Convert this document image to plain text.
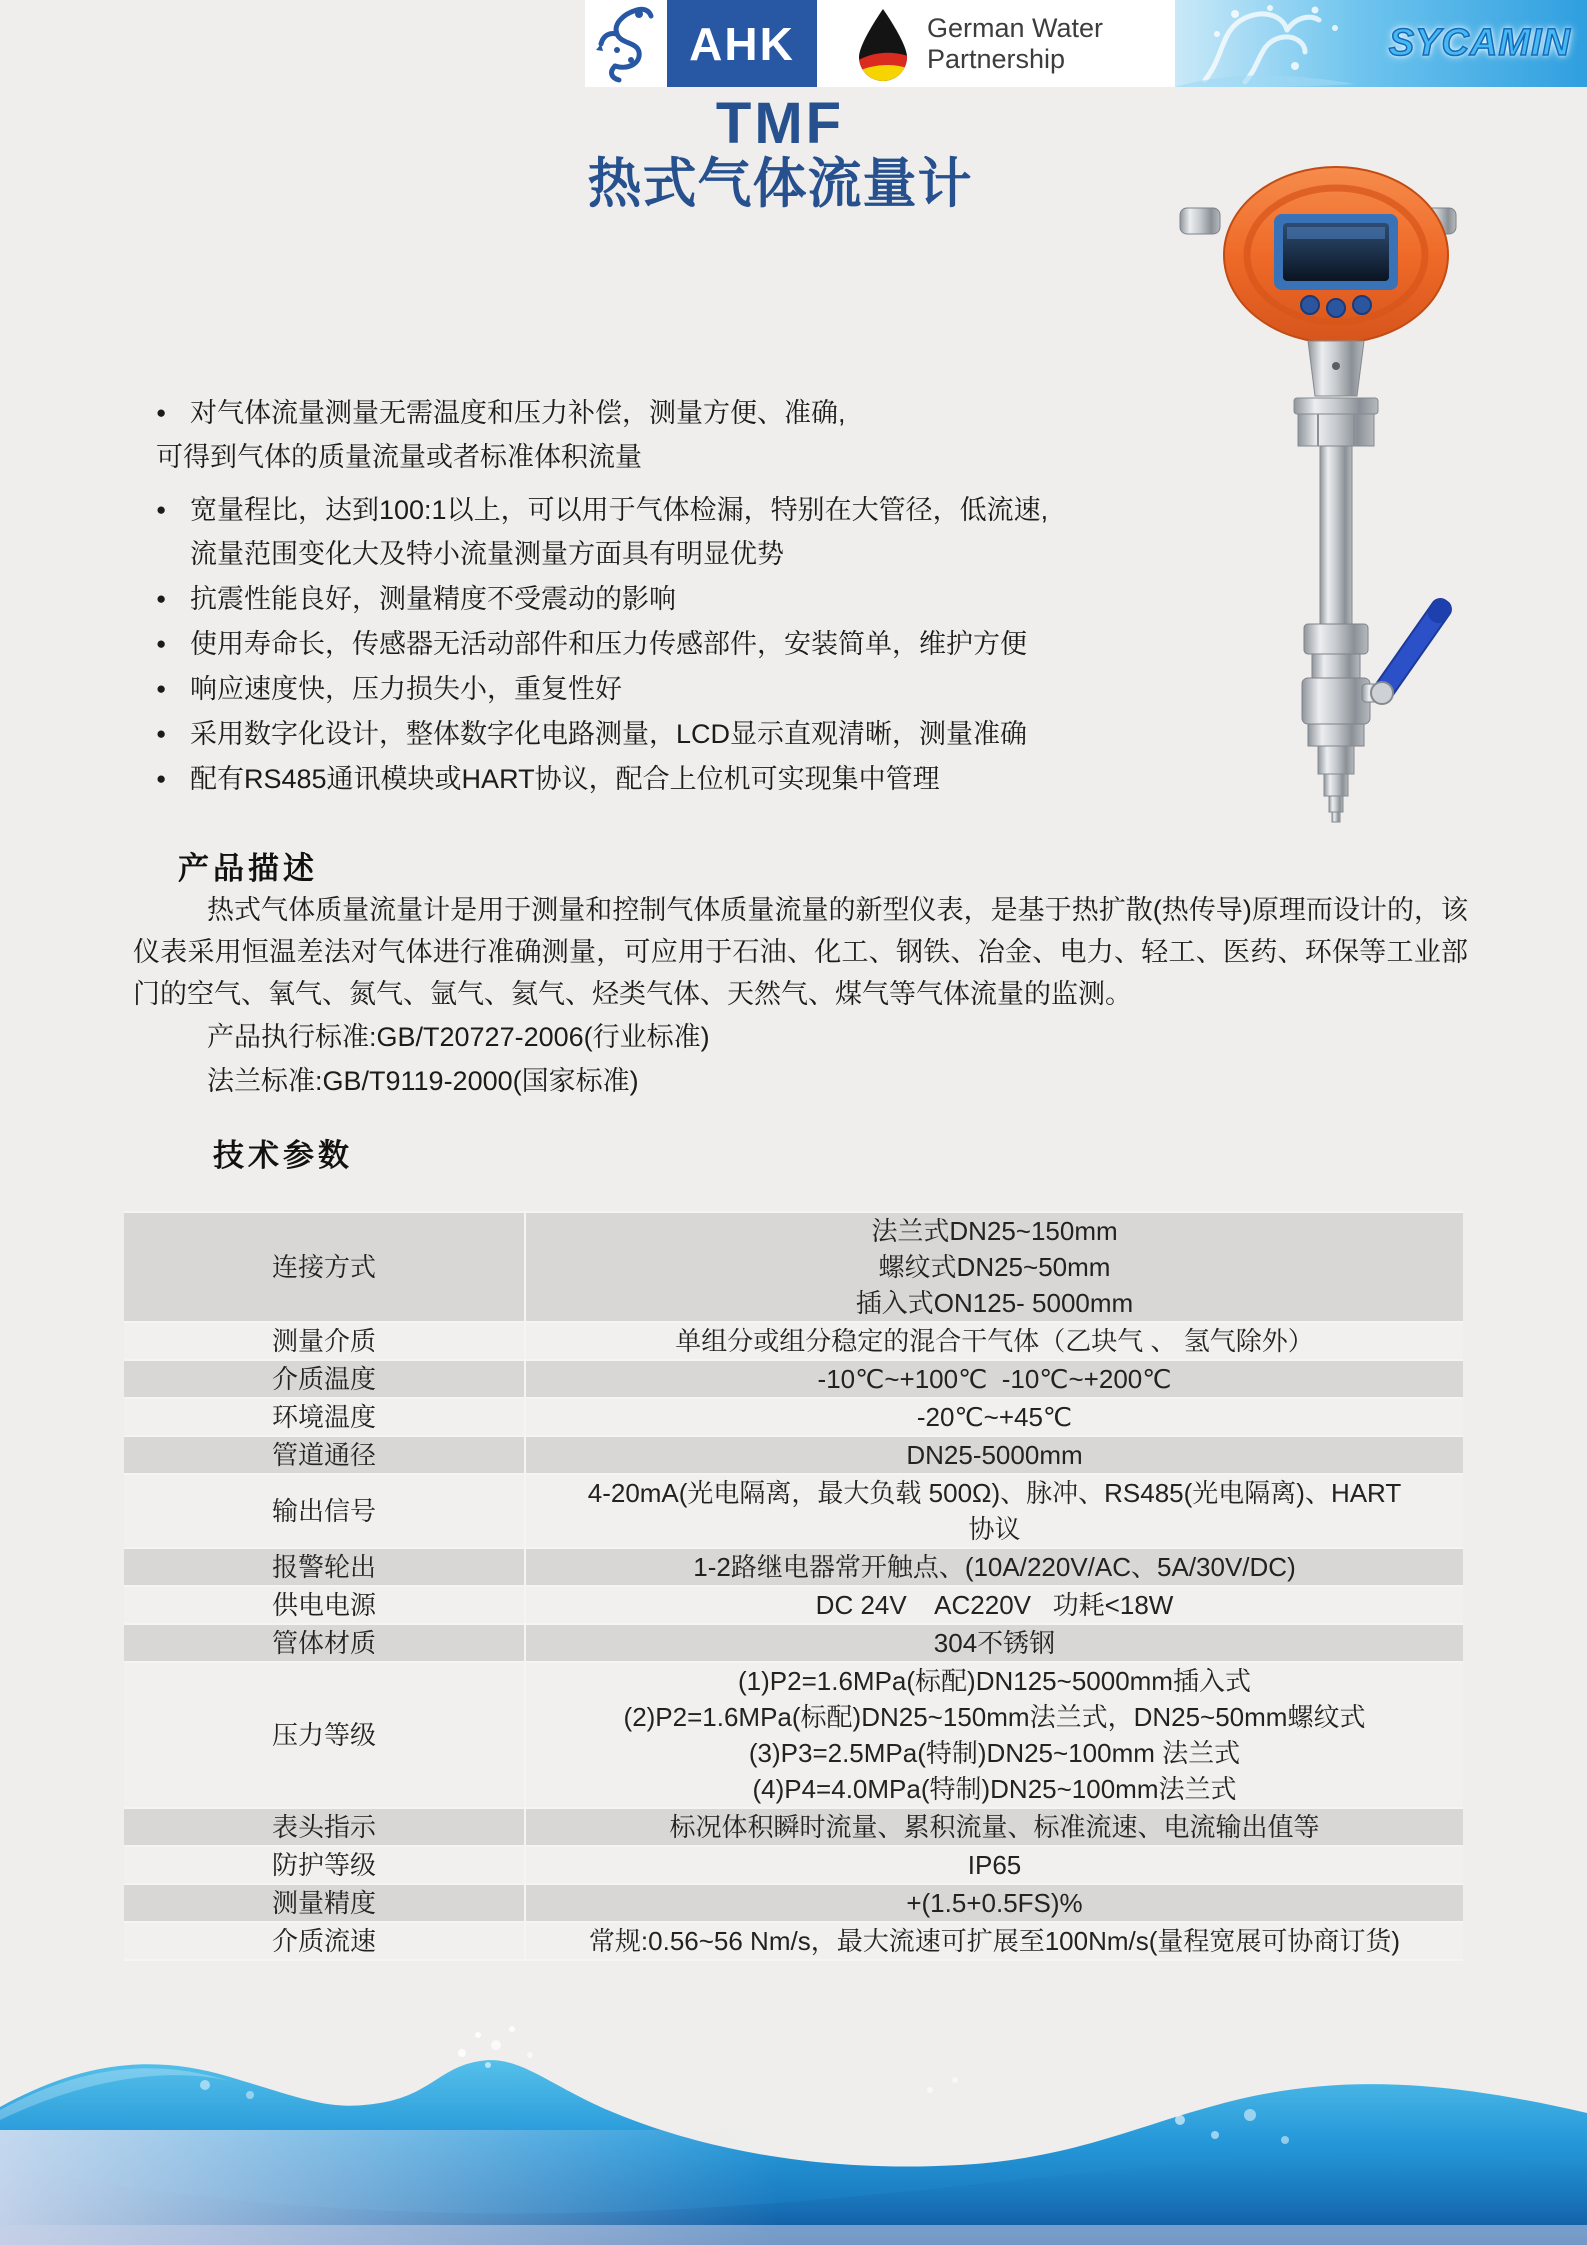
AHK	German Water
Partnership	SYCAMIN
TMF
热式气体流量计
● 对气体流量测量无需温度和压力补偿，测量方便、准确,
可得到气体的质量流量或者标准体积流量
● 宽量程比，达到100:1以上，可以用于气体检漏，特别在大管径，低流速,
流量范围变化大及特小流量测量方面具有明显优势
● 抗震性能良好，测量精度不受震动的影响
● 使用寿命长，传感器无活动部件和压力传感部件，安装简单，维护方便
● 响应速度快，压力损失小，重复性好
● 采用数字化设计，整体数字化电路测量，LCD显示直观清晰，测量准确
● 配有RS485通讯模块或HART协议，配合上位机可实现集中管理
产品描述

热式气体质量流量计是用于测量和控制气体质量流量的新型仪表，是基于热扩散(热传导)原理而设计的，该仪表采用恒温差法对气体进行准确测量，可应用于石油、化工、钢铁、冶金、电力、轻工、医药、环保等工业部门的空气、氧气、氮气、氩气、氦气、烃类气体、天然气、煤气等气体流量的监测。

产品执行标准:GB/T20727-2006(行业标准)
法兰标准:GB/T9119-2000(国家标准)
技术参数
连接方式
法兰式DN25~150mm
螺纹式DN25~50mm
插入式ON125- 5000mm
测量介质	单组分或组分稳定的混合干气体（乙块气 、 氢气除外）
介质温度	-10℃~+100℃  -10℃~+200℃
环境温度	-20℃~+45℃
管道通径	DN25-5000mm
输出信号
4-20mA(光电隔离，最大负载 500Ω)、脉冲、RS485(光电隔离)、HART
协议
报警轮出	1-2路继电器常开触点、(10A/220V/AC、5A/30V/DC)
供电电源	DC 24V    AC220V   功耗<18W
管体材质	304不锈钢
压力等级
(1)P2=1.6MPa(标配)DN125~5000mm插入式
(2)P2=1.6MPa(标配)DN25~150mm法兰式，DN25~50mm螺纹式
(3)P3=2.5MPa(特制)DN25~100mm 法兰式
(4)P4=4.0MPa(特制)DN25~100mm法兰式
表头指示	标况体积瞬时流量、累积流量、标准流速、电流输出值等
防护等级	IP65
测量精度	+(1.5+0.5FS)%
介质流速	常规:0.56~56 Nm/s，最大流速可扩展至100Nm/s(量程宽展可协商订货)
